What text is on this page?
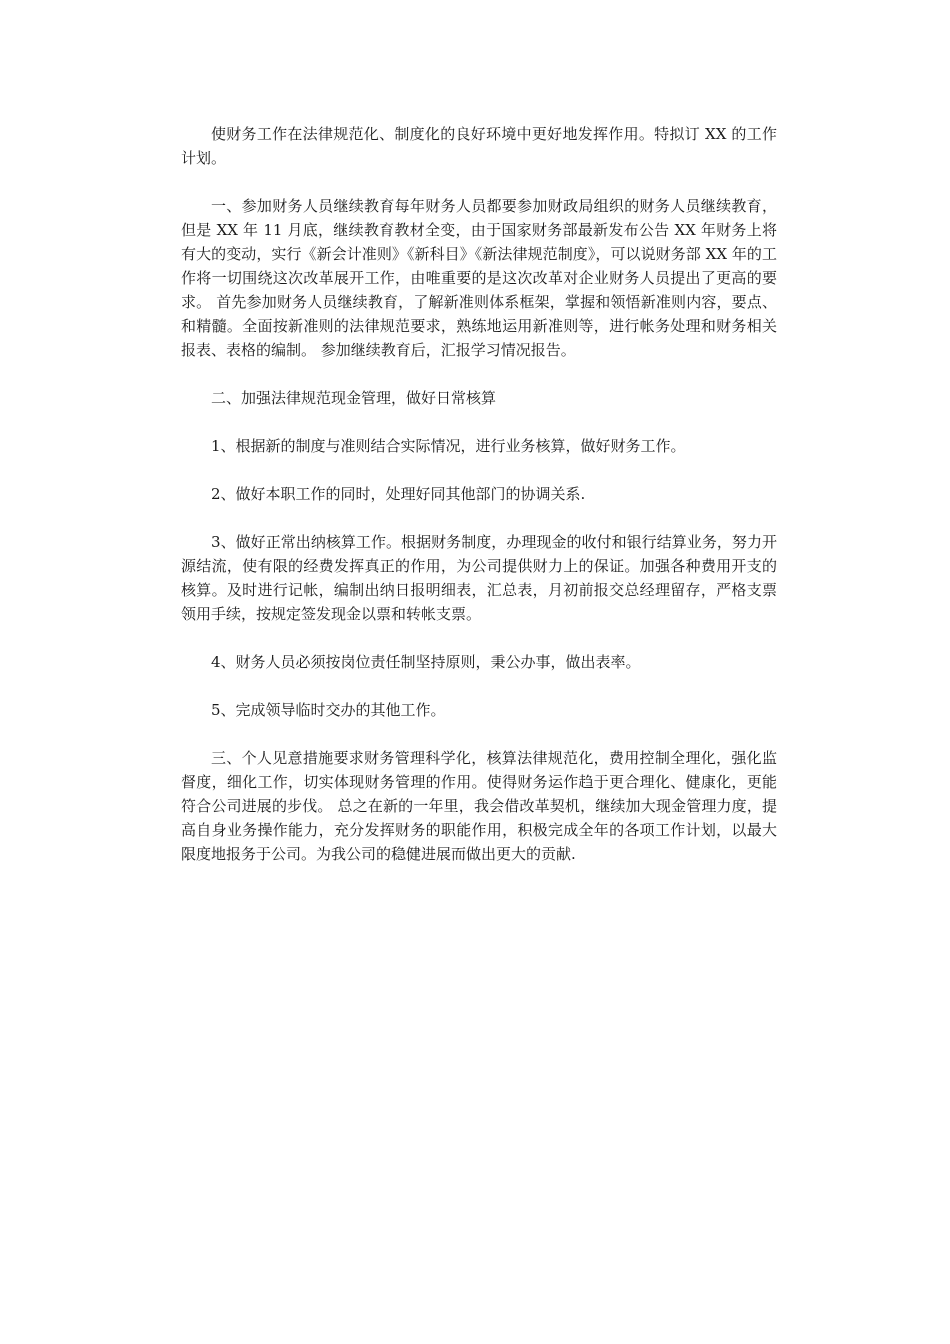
使财务工作在法律规范化、制度化的良好环境中更好地发挥作用。特拟订 XX 的工作计划。

一、参加财务人员继续教育每年财务人员都要参加财政局组织的财务人员继续教育，但是 XX 年 11 月底，继续教育教材全变，由于国家财务部最新发布公告 XX 年财务上将有大的变动，实行《新会计准则》《新科目》《新法律规范制度》，可以说财务部 XX 年的工作将一切围绕这次改革展开工作，由唯重要的是这次改革对企业财务人员提出了更高的要求。 首先参加财务人员继续教育，了解新准则体系框架，掌握和领悟新准则内容，要点、和精髓。全面按新准则的法律规范要求，熟练地运用新准则等，进行帐务处理和财务相关报表、表格的编制。 参加继续教育后，汇报学习情况报告。

二、加强法律规范现金管理，做好日常核算

1、根据新的制度与准则结合实际情况，进行业务核算，做好财务工作。

2、做好本职工作的同时，处理好同其他部门的协调关系.

3、做好正常出纳核算工作。根据财务制度，办理现金的收付和银行结算业务，努力开源结流，使有限的经费发挥真正的作用，为公司提供财力上的保证。加强各种费用开支的核算。及时进行记帐，编制出纳日报明细表，汇总表，月初前报交总经理留存，严格支票领用手续，按规定签发现金以票和转帐支票。

4、财务人员必须按岗位责任制坚持原则，秉公办事，做出表率。

5、完成领导临时交办的其他工作。

三、个人见意措施要求财务管理科学化，核算法律规范化，费用控制全理化，强化监督度，细化工作，切实体现财务管理的作用。使得财务运作趋于更合理化、健康化，更能符合公司进展的步伐。 总之在新的一年里，我会借改革契机，继续加大现金管理力度，提高自身业务操作能力，充分发挥财务的职能作用，积极完成全年的各项工作计划，以最大限度地报务于公司。为我公司的稳健进展而做出更大的贡献.
